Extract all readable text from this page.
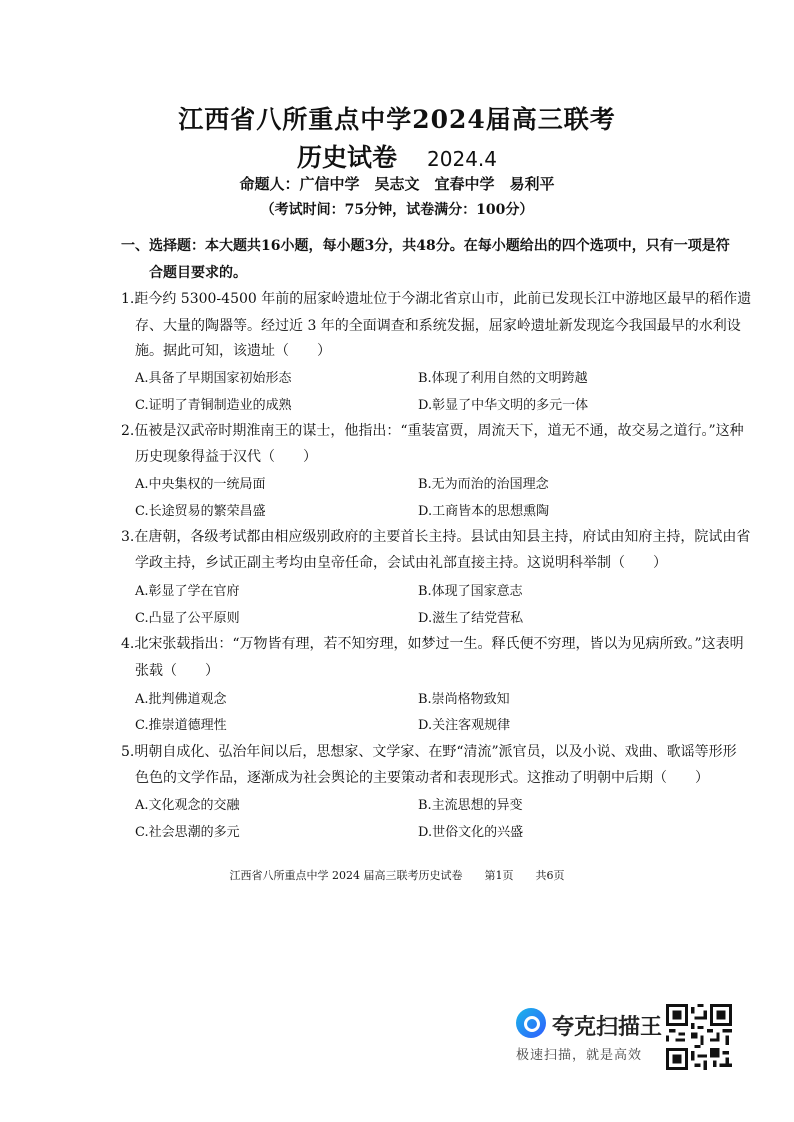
江西省八所重点中学2024届高三联考
历史试卷 2024.4
命题人：广信中学　吴志文　宜春中学　易利平
（考试时间：75分钟，试卷满分：100分）
一、选择题：本大题共16小题，每小题3分，共48分。在每小题给出的四个选项中，只有一项是符
合题目要求的。
1.距今约 5300-4500 年前的屈家岭遗址位于今湖北省京山市，此前已发现长江中游地区最早的稻作遗
存、大量的陶器等。经过近 3 年的全面调查和系统发掘，屈家岭遗址新发现迄今我国最早的水利设
施。据此可知，该遗址（　　）
A.具备了早期国家初始形态	B.体现了利用自然的文明跨越
C.证明了青铜制造业的成熟	D.彰显了中华文明的多元一体
2.伍被是汉武帝时期淮南王的谋士，他指出：“重装富贾，周流天下，道无不通，故交易之道行。”这种
历史现象得益于汉代（　　）
A.中央集权的一统局面	B.无为而治的治国理念
C.长途贸易的繁荣昌盛	D.工商皆本的思想熏陶
3.在唐朝，各级考试都由相应级别政府的主要首长主持。县试由知县主持，府试由知府主持，院试由省
学政主持，乡试正副主考均由皇帝任命，会试由礼部直接主持。这说明科举制（　　）
A.彰显了学在官府	B.体现了国家意志
C.凸显了公平原则	D.滋生了结党营私
4.北宋张载指出：“万物皆有理，若不知穷理，如梦过一生。释氏便不穷理，皆以为见病所致。”这表明
张载（　　）
A.批判佛道观念	B.崇尚格物致知
C.推崇道德理性	D.关注客观规律
5.明朝自成化、弘治年间以后，思想家、文学家、在野“清流”派官员，以及小说、戏曲、歌谣等形形
色色的文学作品，逐渐成为社会舆论的主要策动者和表现形式。这推动了明朝中后期（　　）
A.文化观念的交融	B.主流思想的异变
C.社会思潮的多元	D.世俗文化的兴盛
江西省八所重点中学 2024 届高三联考历史试卷　　第1页　　共6页
夸克扫描王
极速扫描，就是高效
